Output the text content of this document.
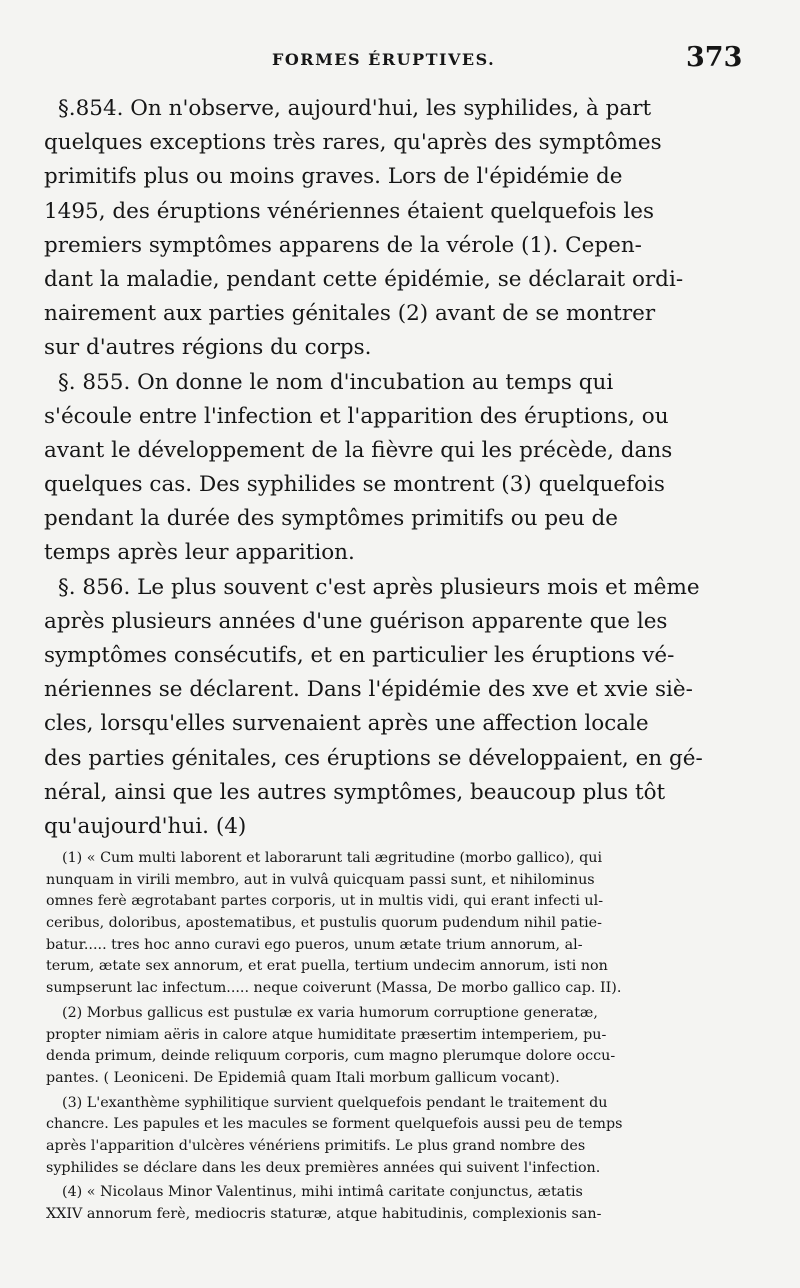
FORMES ÉRUPTIVES.	373
§.854. On n'observe, aujourd'hui, les syphilides, à part
quelques exceptions très rares, qu'après des symptômes
primitifs plus ou moins graves. Lors de l'épidémie de
1495, des éruptions vénériennes étaient quelquefois les
premiers symptômes apparens de la vérole (1). Cepen-
dant la maladie, pendant cette épidémie, se déclarait ordi-
nairement aux parties génitales (2) avant de se montrer
sur d'autres régions du corps.
§. 855. On donne le nom d'incubation au temps qui
s'écoule entre l'infection et l'apparition des éruptions, ou
avant le développement de la fièvre qui les précède, dans
quelques cas. Des syphilides se montrent (3) quelquefois
pendant la durée des symptômes primitifs ou peu de
temps après leur apparition.
§. 856. Le plus souvent c'est après plusieurs mois et même
après plusieurs années d'une guérison apparente que les
symptômes consécutifs, et en particulier les éruptions vé-
nériennes se déclarent. Dans l'épidémie des xve et xvie siè-
cles, lorsqu'elles survenaient après une affection locale
des parties génitales, ces éruptions se développaient, en gé-
néral, ainsi que les autres symptômes, beaucoup plus tôt
qu'aujourd'hui. (4)
(1) « Cum multi laborent et laborarunt tali ægritudine (morbo gallico), qui
nunquam in virili membro, aut in vulvâ quicquam passi sunt, et nihilominus
omnes ferè ægrotabant partes corporis, ut in multis vidi, qui erant infecti ul-
ceribus, doloribus, apostematibus, et pustulis quorum pudendum nihil patie-
batur..... tres hoc anno curavi ego pueros, unum ætate trium annorum, al-
terum, ætate sex annorum, et erat puella, tertium undecim annorum, isti non
sumpserunt lac infectum..... neque coiverunt (Massa, De morbo gallico cap. II).
(2) Morbus gallicus est pustulæ ex varia humorum corruptione generatæ,
propter nimiam aëris in calore atque humiditate præsertim intemperiem, pu-
denda primum, deinde reliquum corporis, cum magno plerumque dolore occu-
pantes. ( Leoniceni. De Epidemiâ quam Itali morbum gallicum vocant).
(3) L'exanthème syphilitique survient quelquefois pendant le traitement du
chancre. Les papules et les macules se forment quelquefois aussi peu de temps
après l'apparition d'ulcères vénériens primitifs. Le plus grand nombre des
syphilides se déclare dans les deux premières années qui suivent l'infection.
(4) « Nicolaus Minor Valentinus, mihi intimâ caritate conjunctus, ætatis
XXIV annorum ferè, mediocris staturæ, atque habitudinis, complexionis san-
